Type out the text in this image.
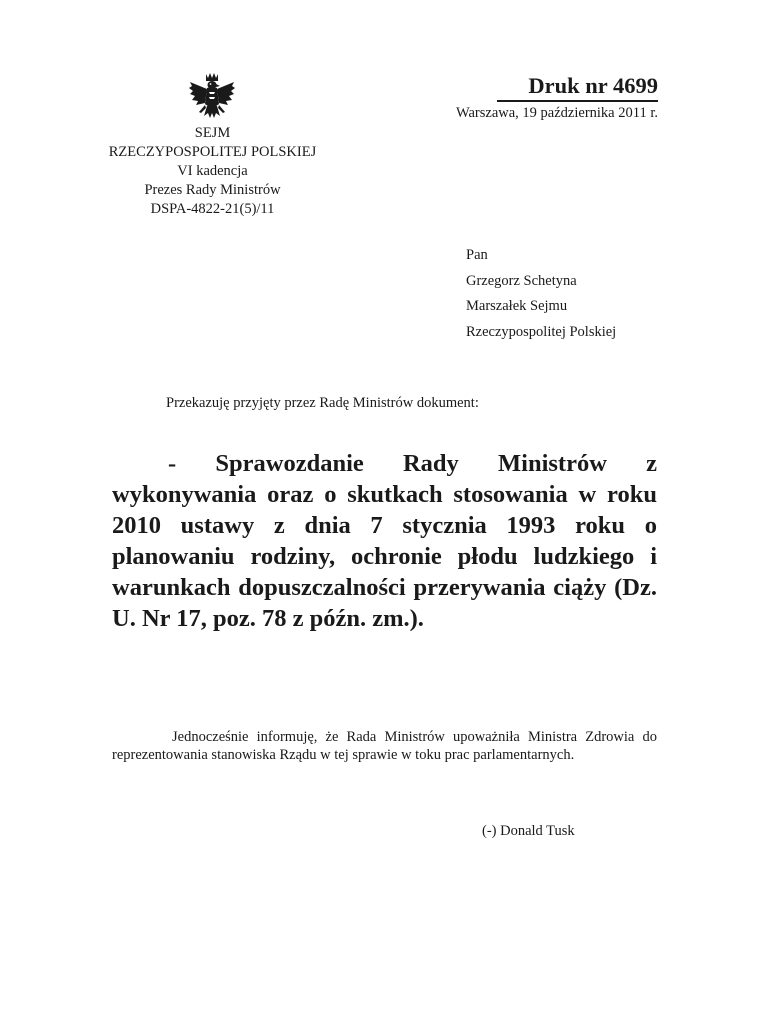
SEJM
RZECZYPOSPOLITEJ POLSKIEJ
VI kadencja
Prezes Rady Ministrów
DSPA-4822-21(5)/11
Druk nr 4699
Warszawa, 19 października 2011 r.
Pan
Grzegorz Schetyna
Marszałek Sejmu
Rzeczypospolitej Polskiej
Przekazuję przyjęty przez Radę Ministrów dokument:
- Sprawozdanie Rady Ministrów z wykonywania oraz o skutkach stosowania w roku 2010 ustawy z dnia 7 stycznia 1993 roku o planowaniu rodziny, ochronie płodu ludzkiego i warunkach dopuszczalności przerywania ciąży (Dz. U. Nr 17, poz. 78 z późn. zm.).
Jednocześnie informuję, że Rada Ministrów upoważniła Ministra Zdrowia do reprezentowania stanowiska Rządu w tej sprawie w toku prac parlamentarnych.
(-) Donald Tusk
